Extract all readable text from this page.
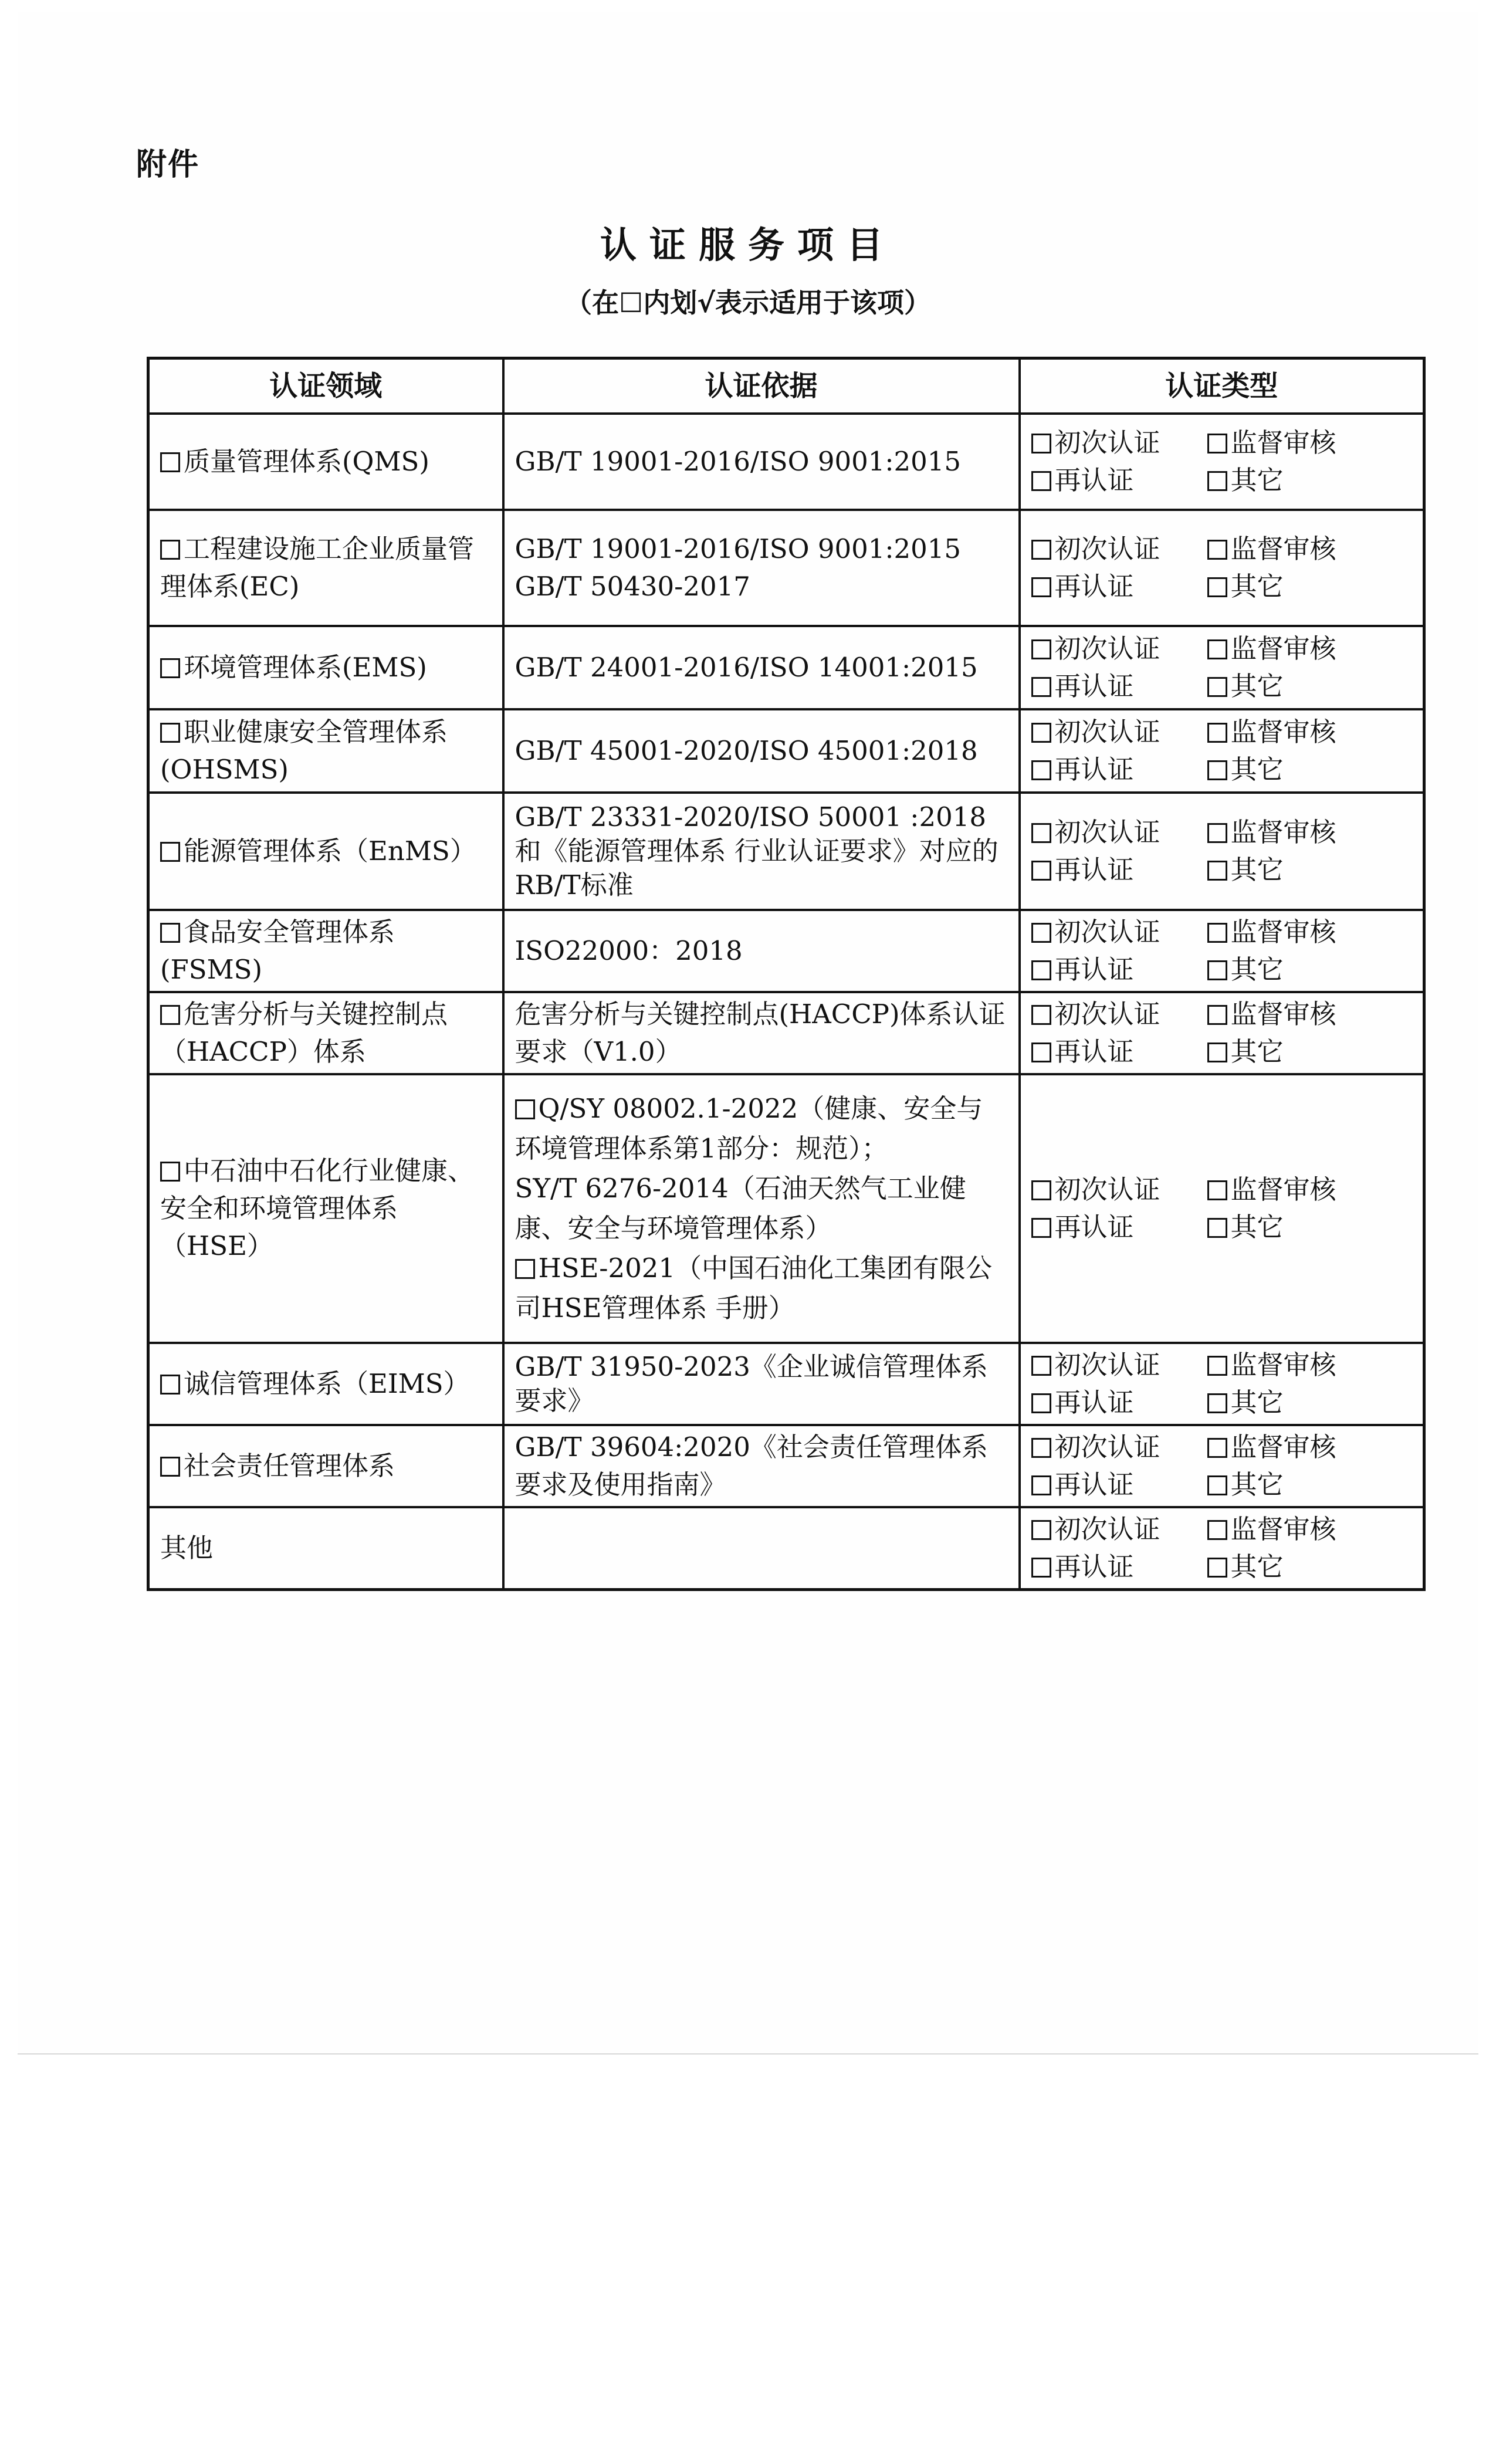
附件
认证服务项目
（在☐内划√表示适用于该项）
认证领域	认证依据	认证类型
质量管理体系(QMS)	GB/T 19001-2016/ISO 9001:2015	初次认证 监督审核
再认证 其它

工程建设施工企业质量管理体系(EC)	GB/T 19001-2016/ISO 9001:2015
GB/T 50430-2017	初次认证 监督审核
再认证 其它

环境管理体系(EMS)	GB/T 24001-2016/ISO 14001:2015	初次认证 监督审核
再认证 其它

职业健康安全管理体系(OHSMS)	GB/T 45001-2020/ISO 45001:2018	初次认证 监督审核
再认证 其它

能源管理体系（EnMS）	GB/T 23331-2020/ISO 50001 :2018和《能源管理体系 行业认证要求》对应的RB/T标准	初次认证 监督审核
再认证 其它

食品安全管理体系(FSMS)	ISO22000：2018	初次认证 监督审核
再认证 其它

危害分析与关键控制点（HACCP）体系	危害分析与关键控制点(HACCP)体系认证要求（V1.0）	初次认证 监督审核
再认证 其它

中石油中石化行业健康、安全和环境管理体系（HSE）	Q/SY 08002.1-2022（健康、安全与环境管理体系第1部分：规范）；
SY/T 6276-2014（石油天然气工业健康、安全与环境管理体系）
HSE-2021（中国石油化工集团有限公司HSE管理体系 手册）	初次认证 监督审核
再认证 其它

诚信管理体系（EIMS）	GB/T 31950-2023《企业诚信管理体系要求》	初次认证 监督审核
再认证 其它

社会责任管理体系	GB/T 39604:2020《社会责任管理体系 要求及使用指南》	初次认证 监督审核
再认证 其它

其他		初次认证 监督审核
再认证 其它
